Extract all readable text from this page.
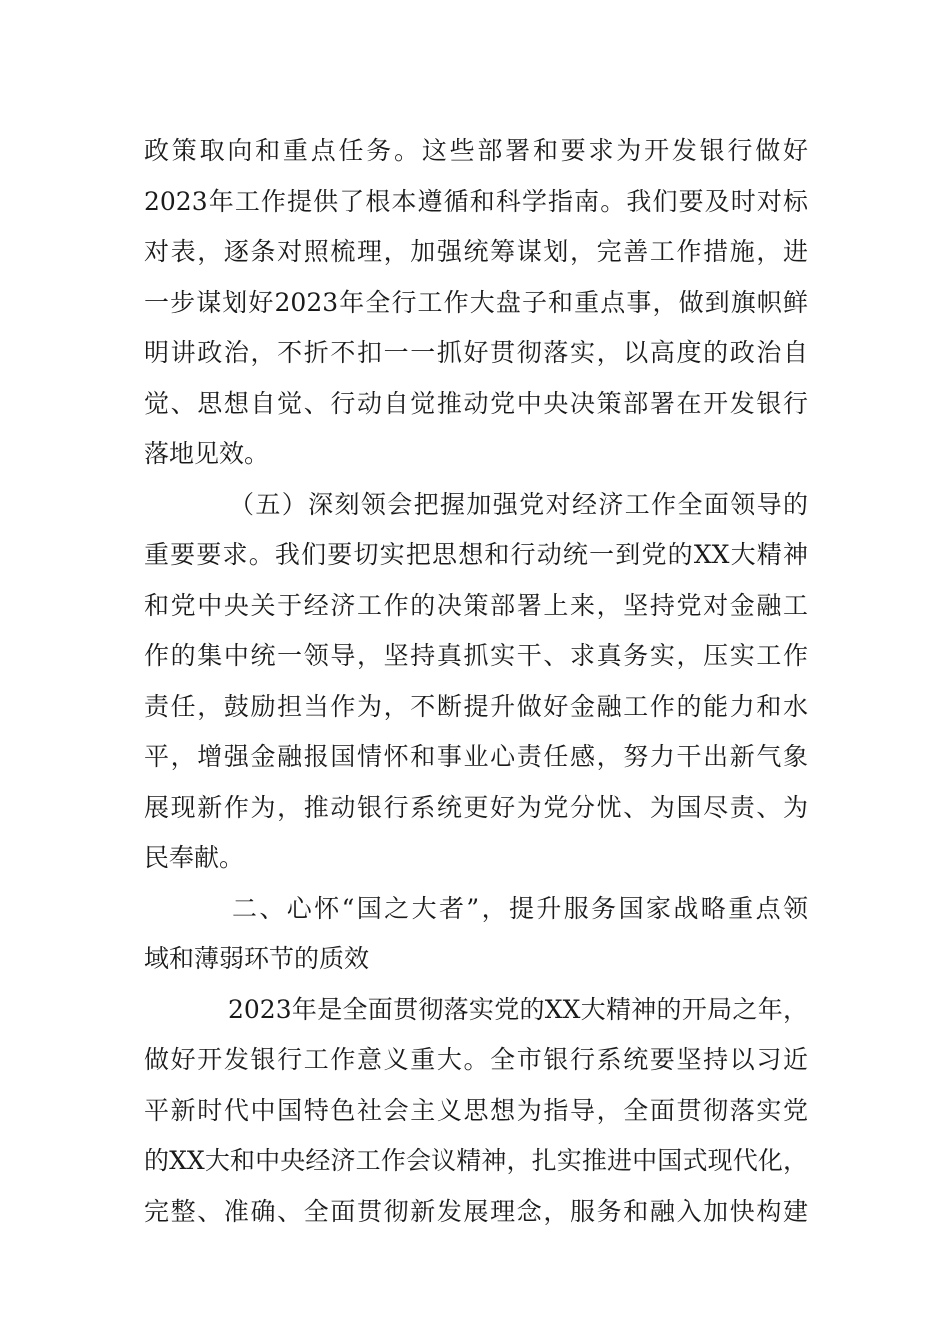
政策取向和重点任务。这些部署和要求为开发银行做好
2023年工作提供了根本遵循和科学指南。我们要及时对标
对表，逐条对照梳理，加强统筹谋划，完善工作措施，进
一步谋划好2023年全行工作大盘子和重点事，做到旗帜鲜
明讲政治，不折不扣一一抓好贯彻落实，以高度的政治自
觉、思想自觉、行动自觉推动党中央决策部署在开发银行
落地见效。
（五）深刻领会把握加强党对经济工作全面领导的
重要要求。我们要切实把思想和行动统一到党的XX大精神
和党中央关于经济工作的决策部署上来，坚持党对金融工
作的集中统一领导，坚持真抓实干、求真务实，压实工作
责任，鼓励担当作为，不断提升做好金融工作的能力和水
平，增强金融报国情怀和事业心责任感，努力干出新气象
展现新作为，推动银行系统更好为党分忧、为国尽责、为
民奉献。
二、心怀“国之大者”，提升服务国家战略重点领
域和薄弱环节的质效
2023年是全面贯彻落实党的XX大精神的开局之年，
做好开发银行工作意义重大。全市银行系统要坚持以习近
平新时代中国特色社会主义思想为指导，全面贯彻落实党
的XX大和中央经济工作会议精神，扎实推进中国式现代化，
完整、准确、全面贯彻新发展理念，服务和融入加快构建
